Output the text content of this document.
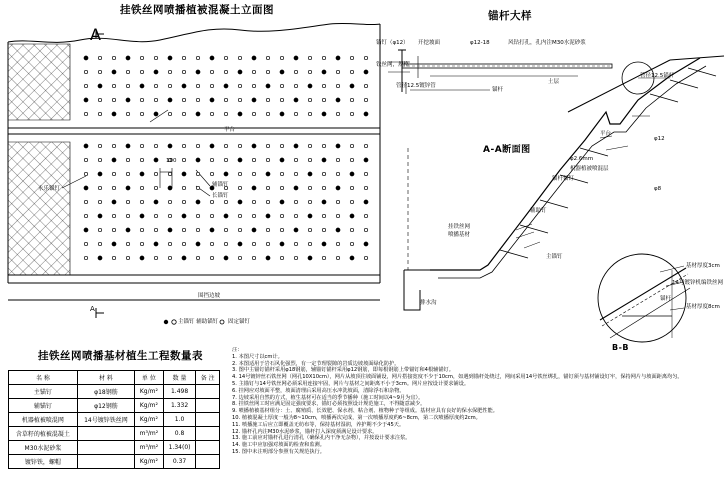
挂铁丝网喷播植被混凝土立面图
A
A
平台
100
永乐锚钉
辅锚钉
长锚钉
围挡边坡
主锚钉 辅助锚钉 固定锚钉
锚杆大样
锚钉（φ12） 开挖坡面	φ12-18	风钻打孔，孔内注M30水泥砂浆
铁丝网，规格
管径12.5镀锌管
锚杆
土层
管径12.5锚杆
A-A断面图
平台
φ12
φ8
φ2.6mm
机器植被喷混层
锚杆锚钉
辅助钉
挂铁丝网
喷播基材
主锚钉
排水沟
基材厚度3cm
14号镀锌机编铁丝网
基材厚度8cm
锚杆
B-B
挂铁丝网喷播基材植生工程数量表
名 称	材 料	单 位	数 量	备 注
主锚钉	φ18钢筋	Kg/m²	1.498	
辅锚钉	φ12钢筋	Kg/m²	1.332	
机器植被喷混网	14号镀锌铁丝网	Kg/m²	1.0	
含草籽的植被混凝土		m³/m²	0.8	
M30水泥砂浆		m³/m²	1.34(0)	
镀锌铁，螺帽		Kg/m²	0.37	
注：
1. 本图尺寸以cm计。
2. 本图适用于岩石风化强烈，有一定节理裂隙的岩质边坡坡面绿化防护。
3. 图中主锚钉锚杆采用φ18钢筋，辅锚钉锚杆采用φ12钢筋，即每根钢筋上带锚钉和4根辅锚钉。
4. 14号镀锌丝石铁丝网（网孔10X10cm），网片从坡顶往坡面铺设，网片搭接宽度不少于10cm，如遇到锚杆处绕过，网间采用14号铁丝绑扎，锚钉须与基材铺设钉牢，保持网片与坡面距离均匀。
5. 主锚钉与14号铁丝网必须采用连接牢固，网片与基材之间距离不小于3cm。网片应按设计要求铺设。
6. 挂网应对坡面平整，坡面清理后采用高压水冲洗坡面，清除浮石和杂物。
7. 边坡采用自然的方式，植生基材可在适当的季节播种（施工时间以4~9月为宜）。
8. 挂铁丝网工时应满足固定强度要求，锚钉必须按照设计规范施工，不得随意减少。
9. 喷播植被基材组分：土、腐殖质、长效肥、保水剂、粘合剂、植物种子等组成。基材应具有良好的保水保肥性能。
10. 植被混凝土厚度一般为8~10cm，喷播两次完成，第一次喷播厚度约6~8cm，第二次喷播厚度约2cm。
11. 喷播施工后应立即覆盖无纺布等，保持基材湿润，养护期不少于45天。
12. 锚杆孔内注M30水泥砂浆，锚杆打入深度须满足设计要求。
13. 施工前应对锚杆孔进行清孔（确保孔内干净无杂物），并按设计要求注浆。
14. 施工中应加强对坡面的检查和监测。
15. 图中未注明部分参照有关规范执行。
